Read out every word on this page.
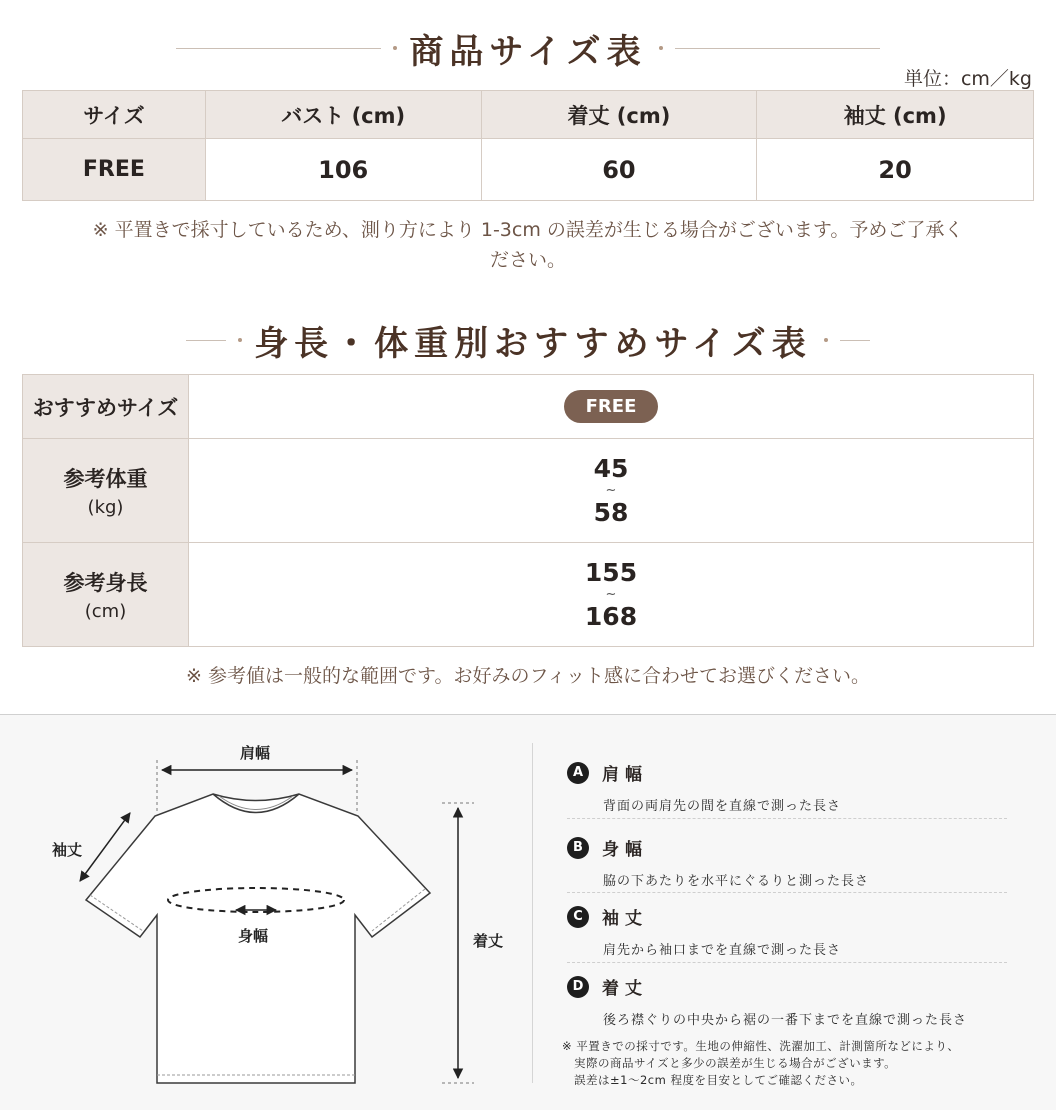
商品サイズ表
単位：cm／kg
サイズ	バスト (cm)	着丈 (cm)	袖丈 (cm)
FREE	106	60	20
※ 平置きで採寸しているため、測り方により 1-3cm の誤差が生じる場合がございます。予めご了承く
ださい。
身長・体重別おすすめサイズ表
おすすめサイズ	FREE
参考体重
(kg)	45
~
58

参考身長
(cm)	155
~
168
※ 参考値は一般的な範囲です。お好みのフィット感に合わせてお選びください。
肩幅
袖丈
身幅	着丈
A	肩幅
背面の両肩先の間を直線で測った長さ
B	身幅
脇の下あたりを水平にぐるりと測った長さ
C	袖丈
肩先から袖口までを直線で測った長さ
D	着丈
後ろ襟ぐりの中央から裾の一番下までを直線で測った長さ
※ 平置きでの採寸です。生地の伸縮性、洗濯加工、計測箇所などにより、
　実際の商品サイズと多少の誤差が生じる場合がございます。
　誤差は±1～2cm 程度を目安としてご確認ください。
